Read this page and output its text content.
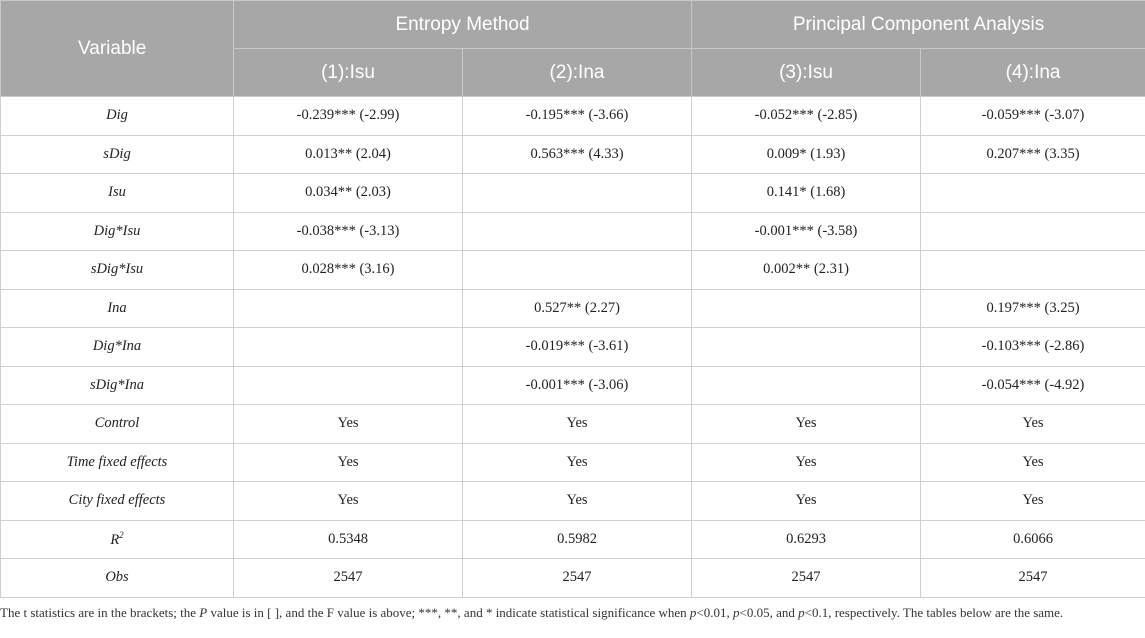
Variable	Entropy Method		Principal Component Analysis	
	(1):Isu	(2):Ina	(3):Isu	(4):Ina
Dig	-0.239*** (-2.99)	-0.195*** (-3.66)	-0.052*** (-2.85)	-0.059*** (-3.07)
sDig	0.013** (2.04)	0.563*** (4.33)	0.009* (1.93)	0.207*** (3.35)
Isu	0.034** (2.03)		0.141* (1.68)	
Dig*Isu	-0.038*** (-3.13)		-0.001*** (-3.58)	
sDig*Isu	0.028*** (3.16)		0.002** (2.31)	
Ina		0.527** (2.27)		0.197*** (3.25)
Dig*Ina		-0.019*** (-3.61)		-0.103*** (-2.86)
sDig*Ina		-0.001*** (-3.06)		-0.054*** (-4.92)
Control	Yes	Yes	Yes	Yes
Time fixed effects	Yes	Yes	Yes	Yes
City fixed effects	Yes	Yes	Yes	Yes
$R^2$	0.5348	0.5982	0.6293	0.6066
Obs	2547	2547	2547	2547
The t statistics are in the brackets; the P value is in [ ], and the F value is above; ***, **, and * indicate statistical significance when p<0.01, p<0.05, and p<0.1, respectively. The tables below are the same.
